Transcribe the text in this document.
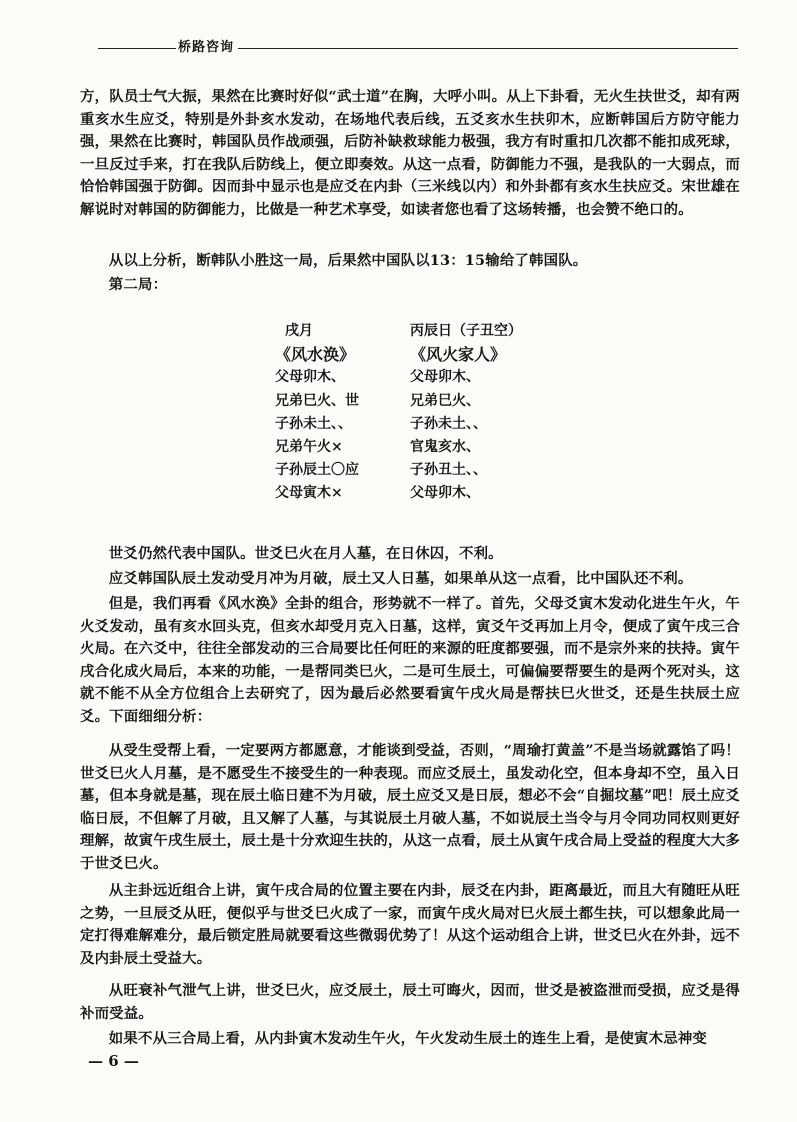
桥路咨询

方，队员士气大振，果然在比赛时好似“武士道”在胸，大呼小叫。从上下卦看，无火生扶世爻，却有两重亥水生应爻，特别是外卦亥水发动，在场地代表后线，五爻亥水生扶卯木，应断韩国后方防守能力强，果然在比赛时，韩国队员作战顽强，后防补缺救球能力极强，我方有时重扣几次都不能扣成死球，一旦反过手来，打在我队后防线上，便立即奏效。从这一点看，防御能力不强，是我队的一大弱点，而恰恰韩国强于防御。因而卦中显示也是应爻在内卦（三米线以内）和外卦都有亥水生扶应爻。宋世雄在解说时对韩国的防御能力，比做是一种艺术享受，如读者您也看了这场转播，也会赞不绝口的。

从以上分析，断韩队小胜这一局，后果然中国队以13：15输给了韩国队。

第二局：

戌月
《风水涣》
父母卯木、
兄弟巳火、世
子孙未土、、
兄弟午火×
子孙辰土〇应
父母寅木×
丙辰日（子丑空）
《风火家人》
父母卯木、
兄弟巳火、
子孙未土、、
官鬼亥水、
子孙丑土、、
父母卯木、

世爻仍然代表中国队。世爻巳火在月人墓，在日休囚，不利。

应爻韩国队辰土发动受月冲为月破，辰土又人日墓，如果单从这一点看，比中国队还不利。

但是，我们再看《风水涣》全卦的组合，形势就不一样了。首先，父母爻寅木发动化进生午火，午火爻发动，虽有亥水回头克，但亥水却受月克入日墓，这样，寅爻午爻再加上月令，便成了寅午戌三合火局。在六爻中，往往全部发动的三合局要比任何旺的来源的旺度都要强，而不是宗外来的扶持。寅午戌合化成火局后，本来的功能，一是帮同类巳火，二是可生辰土，可偏偏要帮要生的是两个死对头，这就不能不从全方位组合上去研究了，因为最后必然要看寅午戌火局是帮扶巳火世爻，还是生扶辰土应爻。下面细细分析：

从受生受帮上看，一定要两方都愿意，才能谈到受益，否则，“周瑜打黄盖”不是当场就露馅了吗！世爻巳火人月墓，是不愿受生不接受生的一种表现。而应爻辰土，虽发动化空，但本身却不空，虽入日墓，但本身就是墓，现在辰土临日建不为月破，辰土应爻又是日辰，想必不会“自掘坟墓”吧！辰土应爻临日辰，不但解了月破，且又解了人墓，与其说辰土月破人墓，不如说辰土当令与月令同功同权则更好理解，故寅午戌生辰土，辰土是十分欢迎生扶的，从这一点看，辰土从寅午戌合局上受益的程度大大多于世爻巳火。

从主卦远近组合上讲，寅午戌合局的位置主要在内卦，辰爻在内卦，距离最近，而且大有随旺从旺之势，一旦辰爻从旺，便似乎与世爻巳火成了一家，而寅午戌火局对巳火辰土都生扶，可以想象此局一定打得难解难分，最后锁定胜局就要看这些微弱优势了！从这个运动组合上讲，世爻巳火在外卦，远不及内卦辰土受益大。

从旺衰补气泄气上讲，世爻巳火，应爻辰土，辰土可晦火，因而，世爻是被盗泄而受损，应爻是得补而受益。

如果不从三合局上看，从内卦寅木发动生午火，午火发动生辰土的连生上看，是使寅木忌神变

— 6 —
